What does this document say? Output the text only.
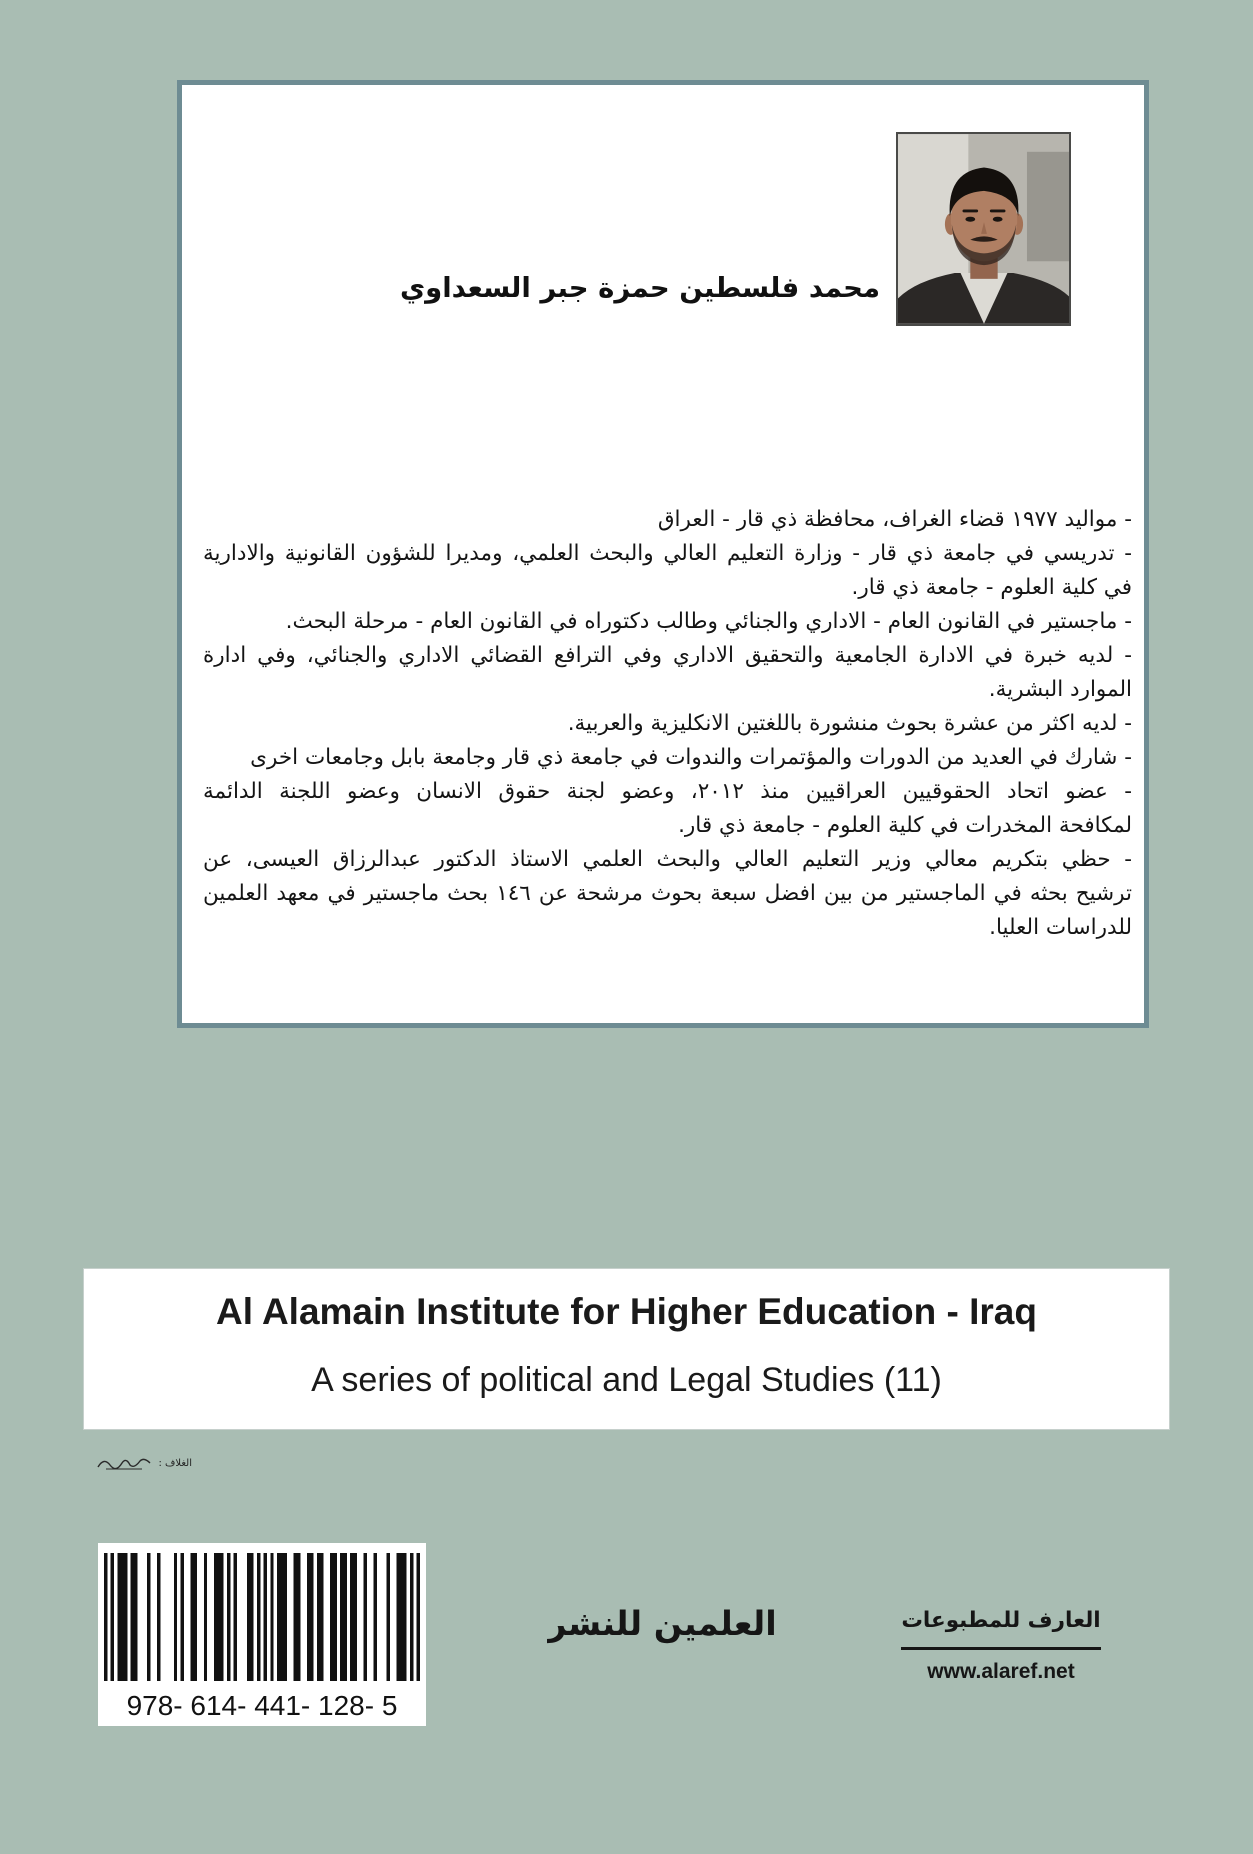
محمد فلسطين حمزة جبر السعداوي
- مواليد ١٩٧٧ قضاء الغراف، محافظة ذي قار - العراق
- تدريسي في جامعة ذي قار - وزارة التعليم العالي والبحث العلمي، ومديرا للشؤون القانونية والادارية
في كلية العلوم - جامعة ذي قار.
- ماجستير في القانون العام - الاداري والجنائي وطالب دكتوراه في القانون العام - مرحلة البحث.
- لديه خبرة في الادارة الجامعية والتحقيق الاداري وفي الترافع القضائي الاداري والجنائي، وفي ادارة
الموارد البشرية.
- لديه اكثر من عشرة بحوث منشورة باللغتين الانكليزية والعربية.
- شارك في العديد من الدورات والمؤتمرات والندوات في جامعة ذي قار وجامعة بابل وجامعات اخرى
- عضو اتحاد الحقوقيين العراقيين منذ ٢٠١٢، وعضو لجنة حقوق الانسان وعضو اللجنة الدائمة
لمكافحة المخدرات في كلية العلوم - جامعة ذي قار.
- حظي بتكريم معالي وزير التعليم العالي والبحث العلمي الاستاذ الدكتور عبدالرزاق العيسى، عن
ترشيح بحثه في الماجستير من بين افضل سبعة بحوث مرشحة عن ١٤٦ بحث ماجستير في معهد العلمين
للدراسات العليا.
Al Alamain Institute for Higher Education - Iraq
A series of political and Legal Studies (11)
الغلاف :
978- 614- 441- 128- 5
العلمين للنشر	العارف للمطبوعات
www.alaref.net
